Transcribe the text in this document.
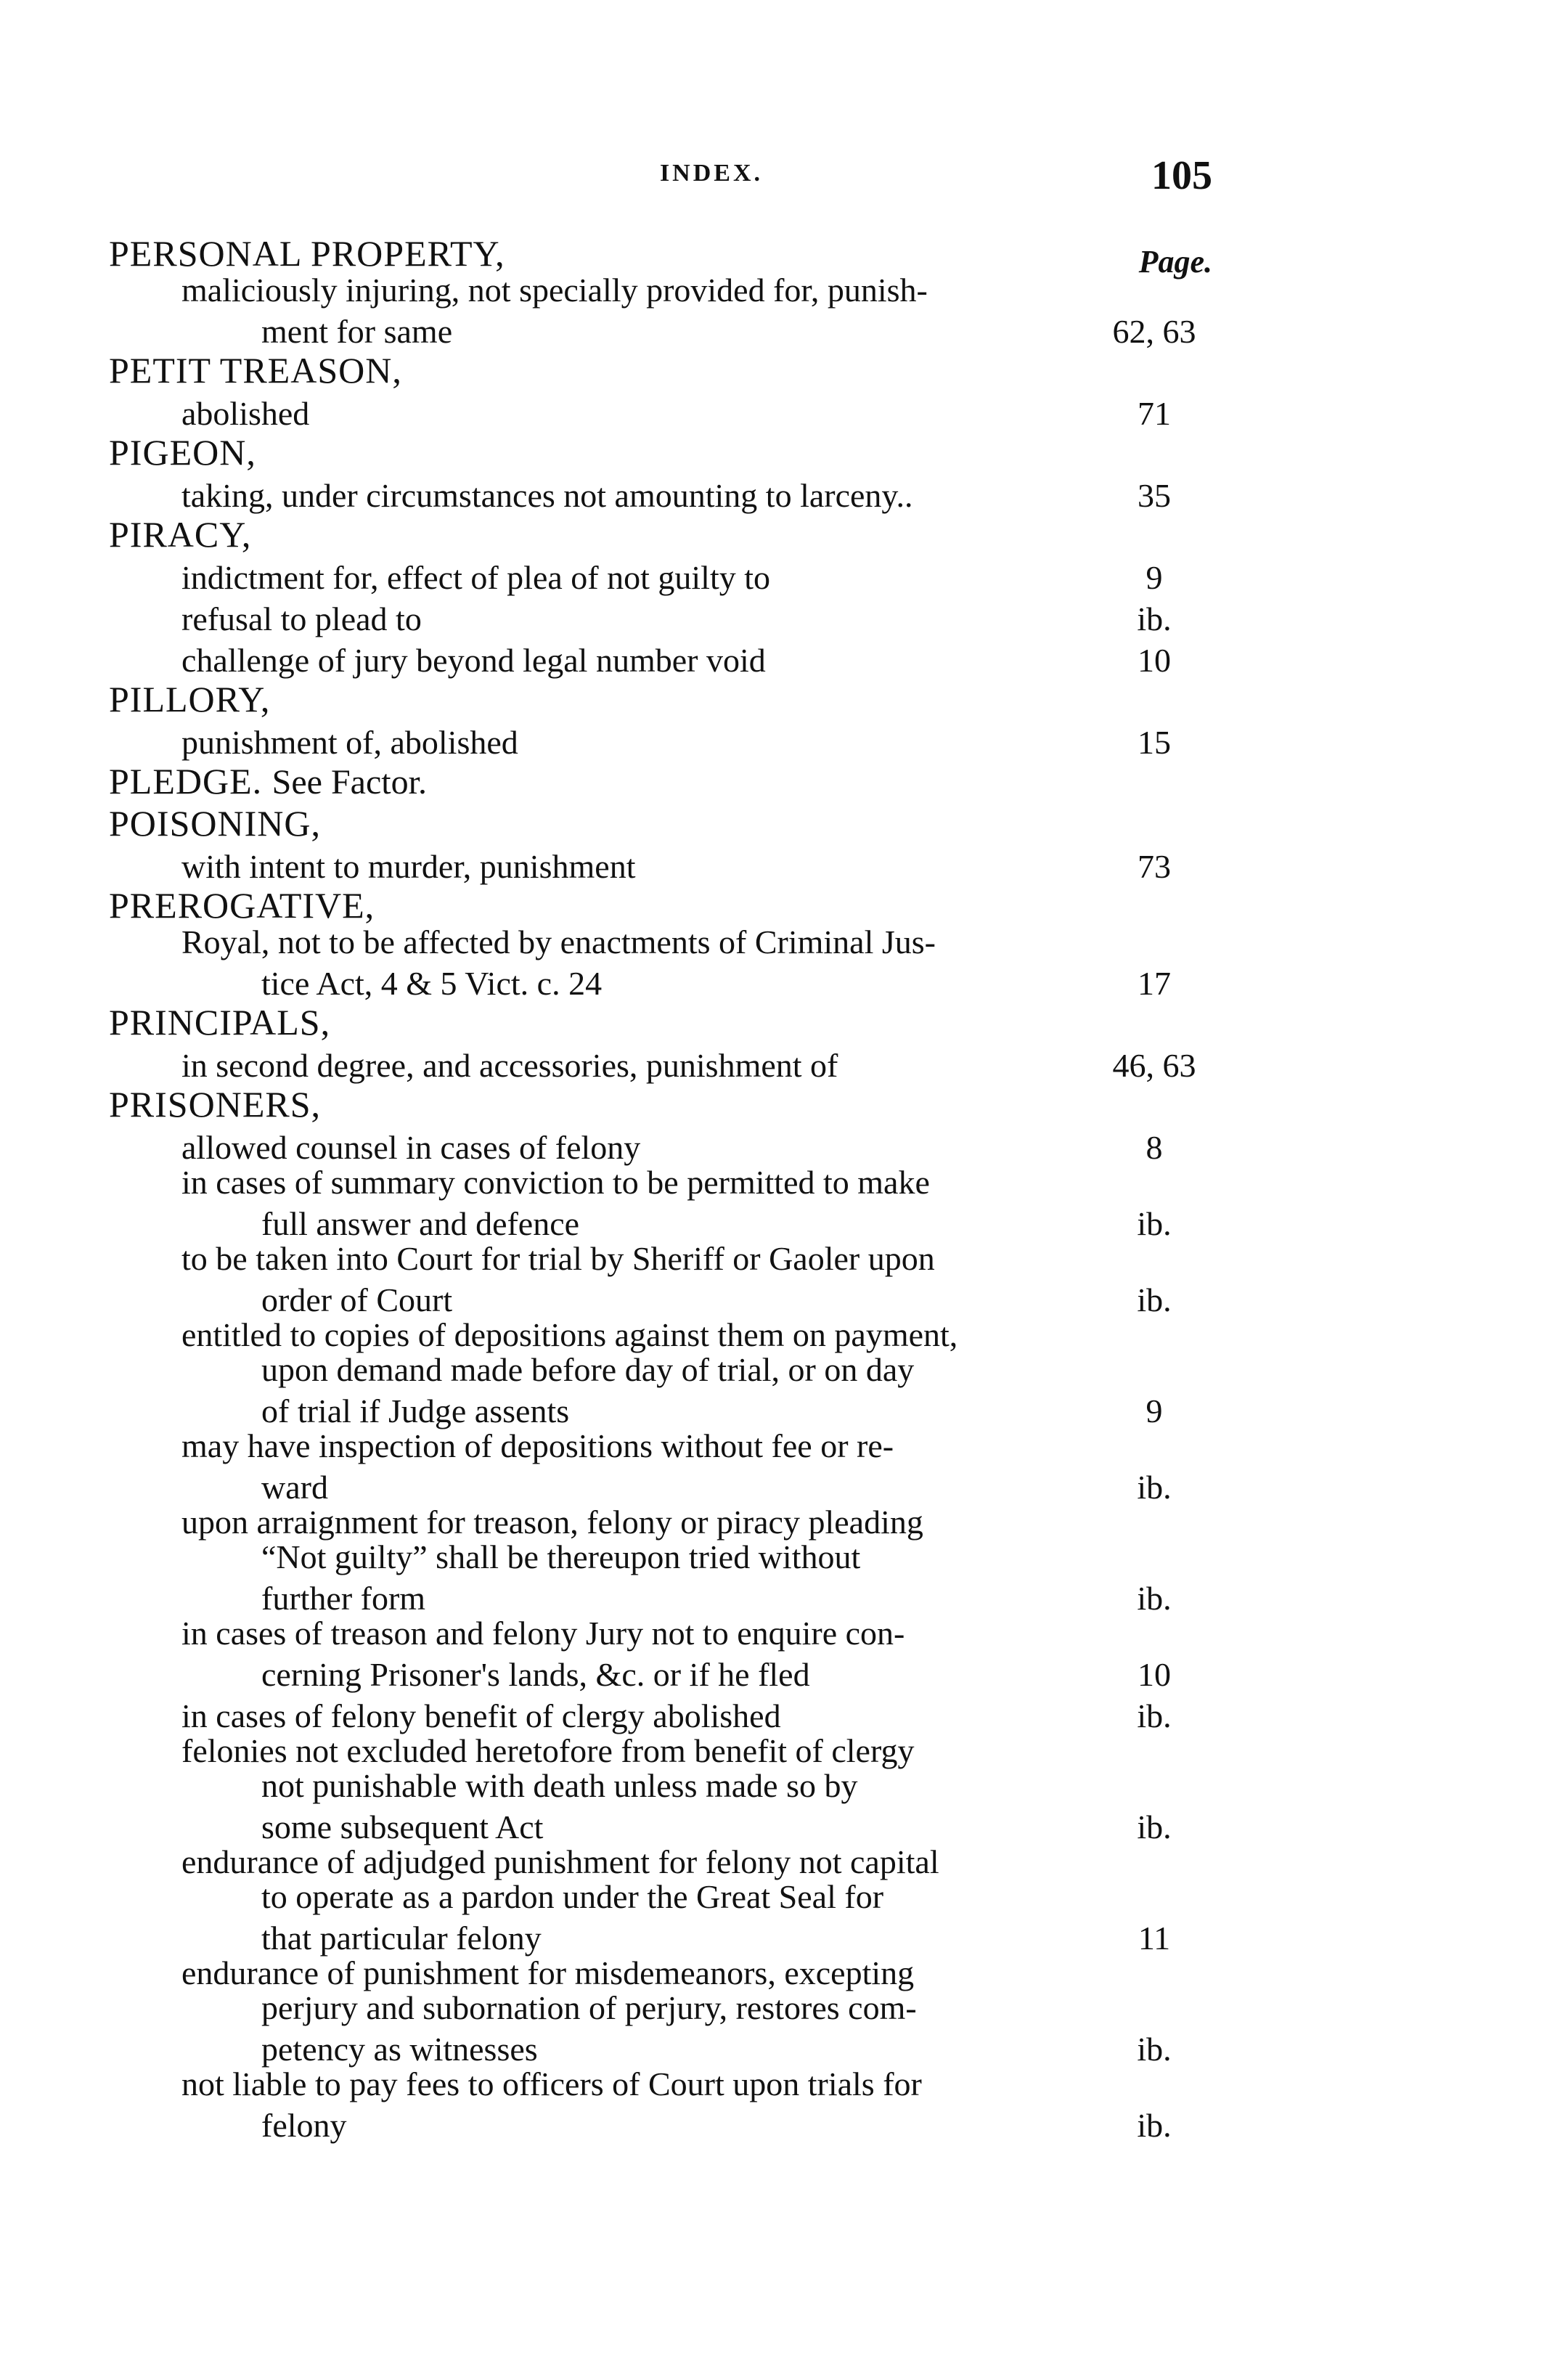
INDEX.	105
Page.
PERSONAL PROPERTY,
maliciously injuring, not specially provided for, punish-
ment for same	62, 63
PETIT TREASON,
abolished	71
PIGEON,
taking, under circumstances not amounting to larceny..	35
PIRACY,
indictment for, effect of plea of not guilty to	9
refusal to plead to	ib.
challenge of jury beyond legal number void	10
PILLORY,
punishment of, abolished	15
PLEDGE. See Factor.
POISONING,
with intent to murder, punishment	73
PREROGATIVE,
Royal, not to be affected by enactments of Criminal Jus-
tice Act, 4 & 5 Vict. c. 24	17
PRINCIPALS,
in second degree, and accessories, punishment of	46, 63
PRISONERS,
allowed counsel in cases of felony	8
in cases of summary conviction to be permitted to make
full answer and defence	ib.
to be taken into Court for trial by Sheriff or Gaoler upon
order of Court	ib.
entitled to copies of depositions against them on payment,
upon demand made before day of trial, or on day
of trial if Judge assents	9
may have inspection of depositions without fee or re-
ward	ib.
upon arraignment for treason, felony or piracy pleading
“Not guilty” shall be thereupon tried without
further form	ib.
in cases of treason and felony Jury not to enquire con-
cerning Prisoner's lands, &c. or if he fled	10
in cases of felony benefit of clergy abolished	ib.
felonies not excluded heretofore from benefit of clergy
not punishable with death unless made so by
some subsequent Act	ib.
endurance of adjudged punishment for felony not capital
to operate as a pardon under the Great Seal for
that particular felony	11
endurance of punishment for misdemeanors, excepting
perjury and subornation of perjury, restores com-
petency as witnesses	ib.
not liable to pay fees to officers of Court upon trials for
felony	ib.
